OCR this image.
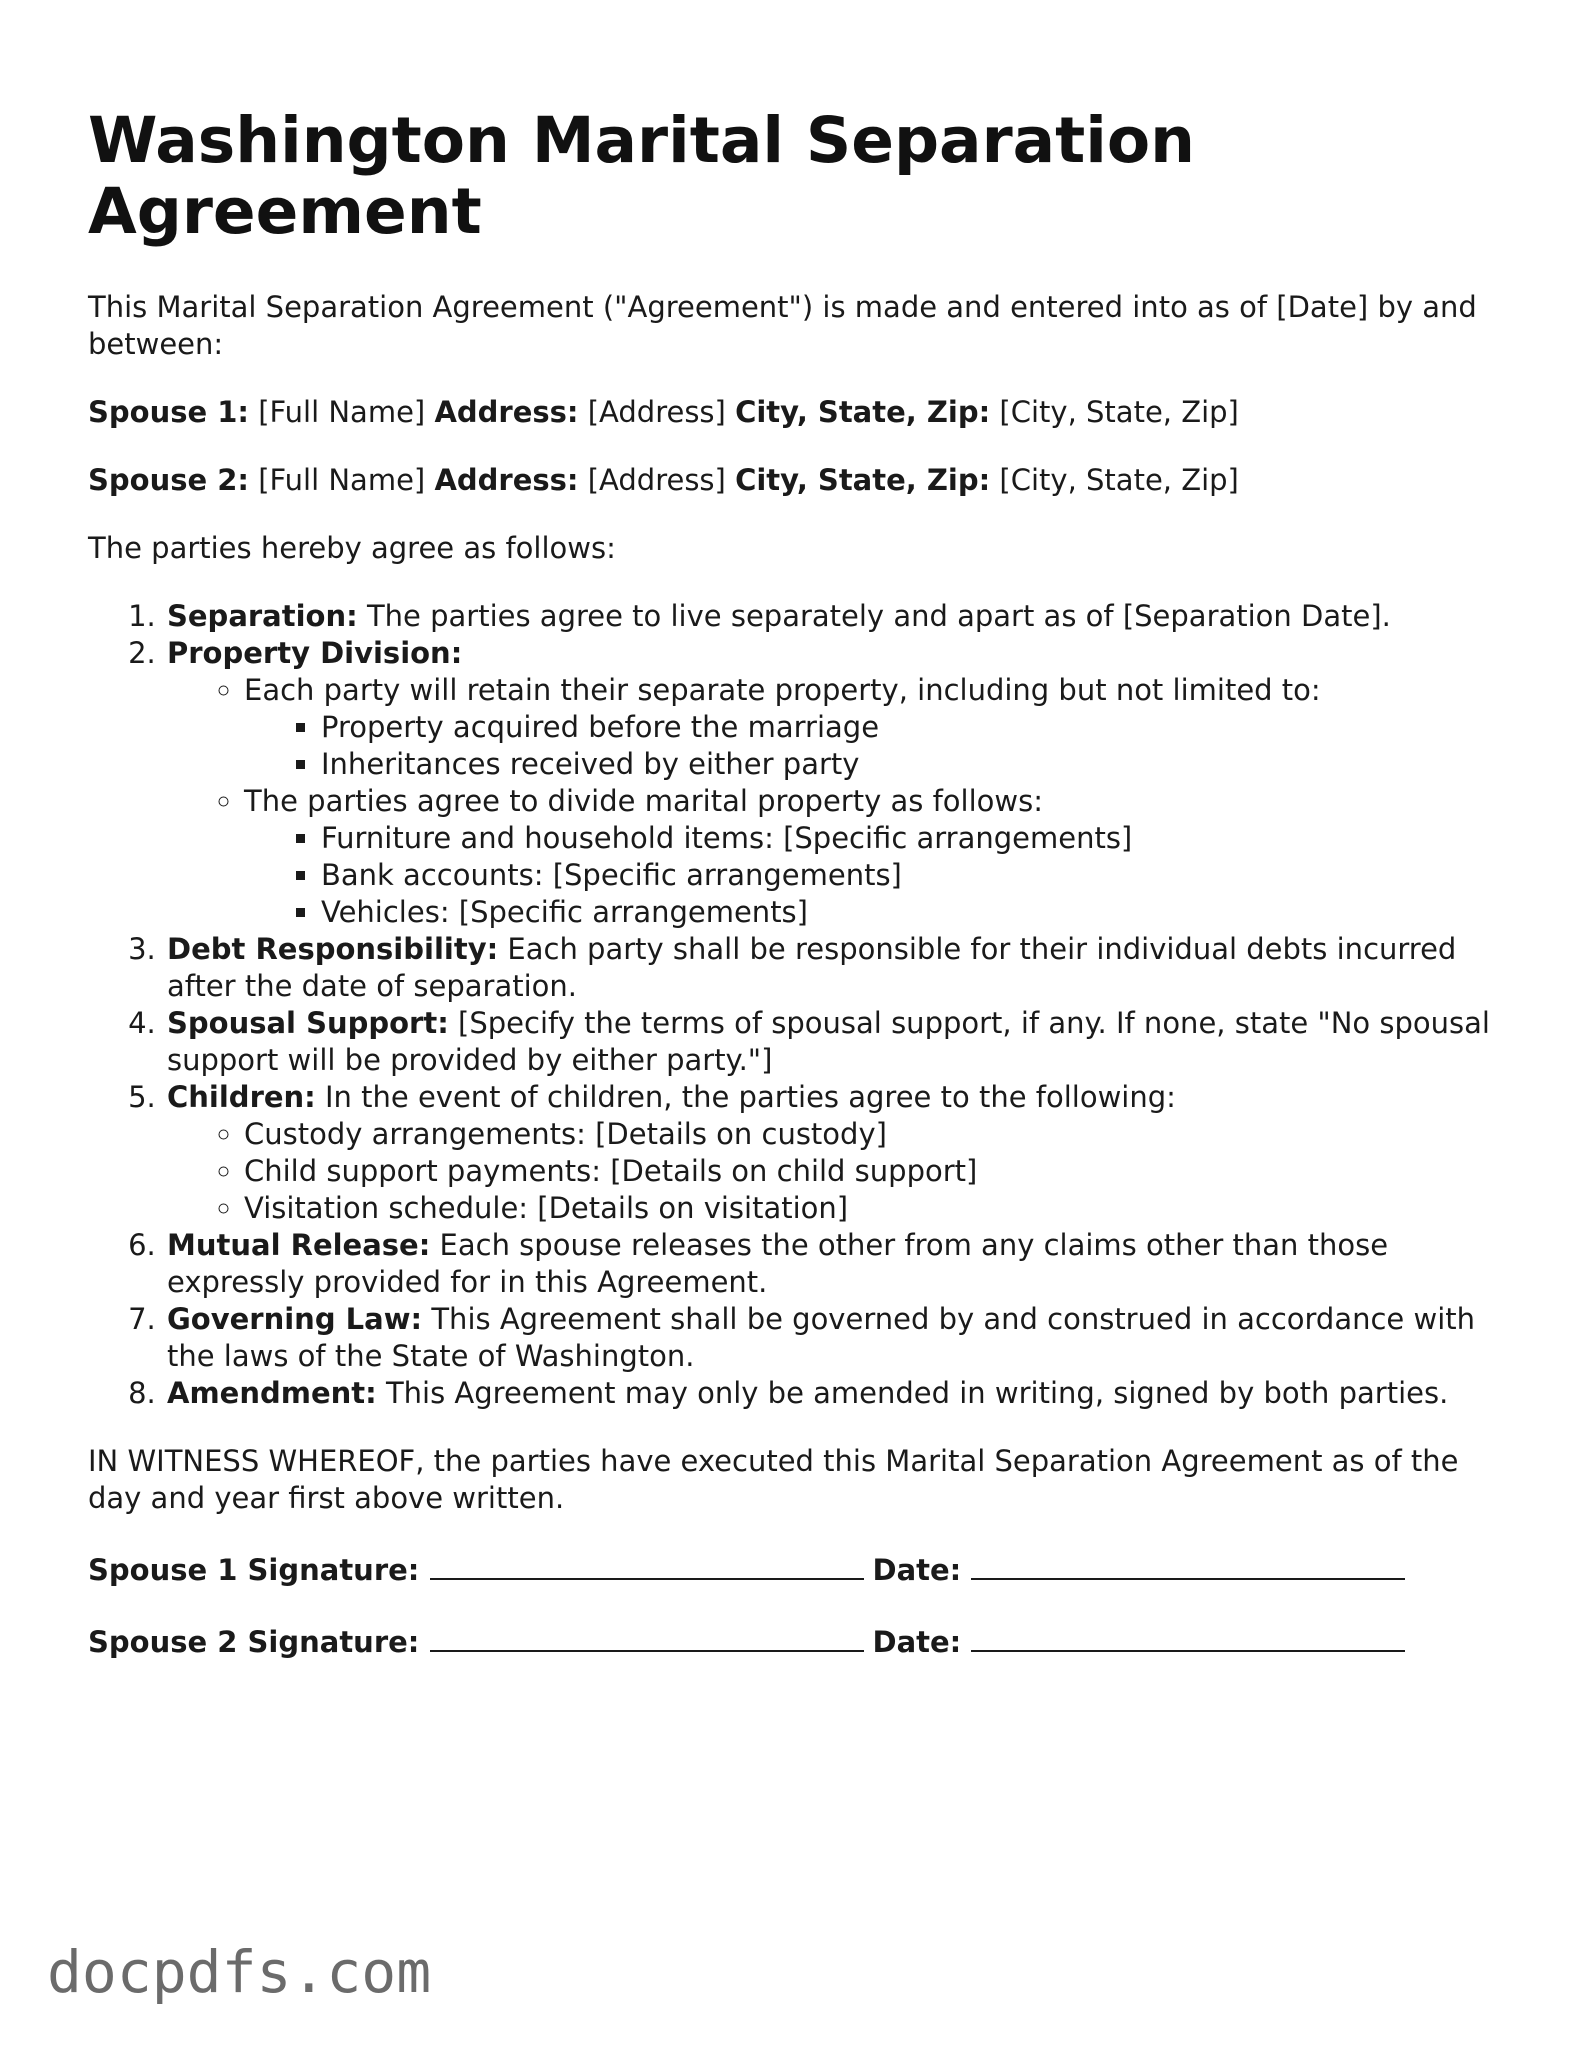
Washington Marital Separation Agreement

This Marital Separation Agreement ("Agreement") is made and entered into as of [Date] by and between:

Spouse 1: [Full Name] Address: [Address] City, State, Zip: [City, State, Zip]

Spouse 2: [Full Name] Address: [Address] City, State, Zip: [City, State, Zip]

The parties hereby agree as follows:

1. Separation: The parties agree to live separately and apart as of [Separation Date].
2. Property Division:
◦ Each party will retain their separate property, including but not limited to:
▪ Property acquired before the marriage
▪ Inheritances received by either party
◦ The parties agree to divide marital property as follows:
▪ Furniture and household items: [Specific arrangements]
▪ Bank accounts: [Specific arrangements]
▪ Vehicles: [Specific arrangements]
3. Debt Responsibility: Each party shall be responsible for their individual debts incurred after the date of separation.
4. Spousal Support: [Specify the terms of spousal support, if any. If none, state "No spousal support will be provided by either party."]
5. Children: In the event of children, the parties agree to the following:
◦ Custody arrangements: [Details on custody]
◦ Child support payments: [Details on child support]
◦ Visitation schedule: [Details on visitation]
6. Mutual Release: Each spouse releases the other from any claims other than those expressly provided for in this Agreement.
7. Governing Law: This Agreement shall be governed by and construed in accordance with the laws of the State of Washington.
8. Amendment: This Agreement may only be amended in writing, signed by both parties.

IN WITNESS WHEREOF, the parties have executed this Marital Separation Agreement as of the day and year first above written.

Spouse 1 Signature:	Date:

Spouse 2 Signature:	Date:

docpdfs.com
